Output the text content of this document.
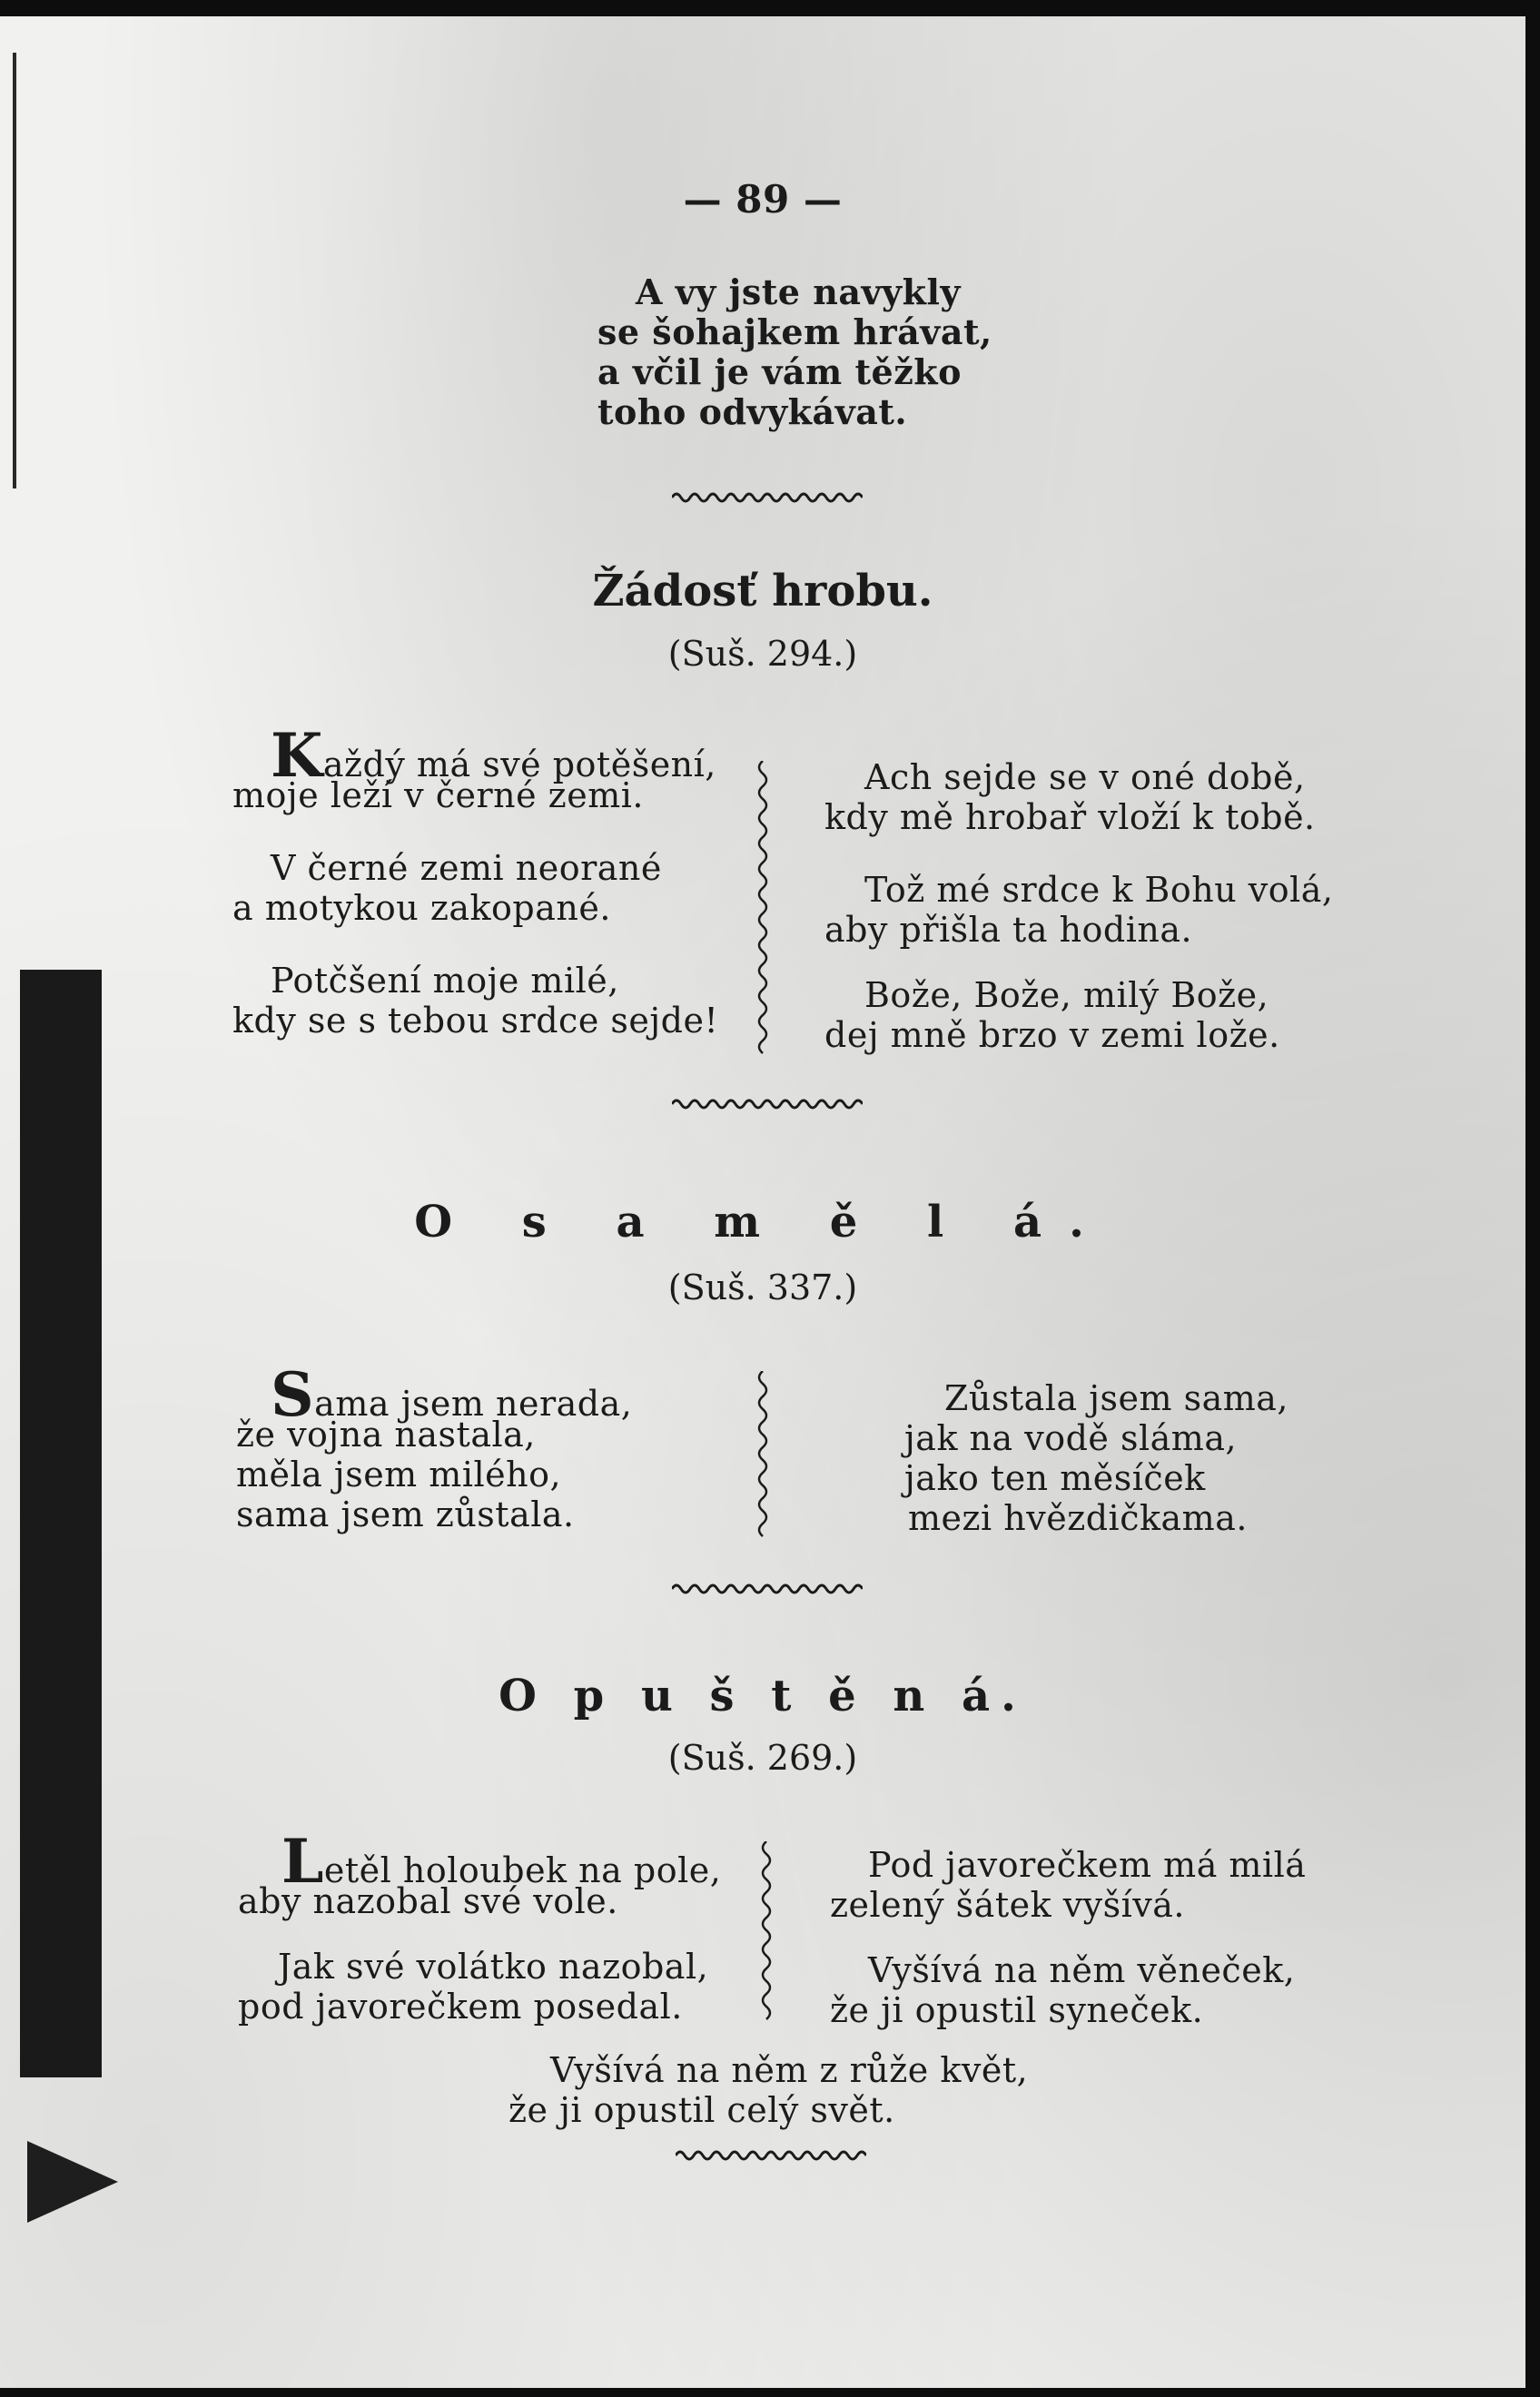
— 89 —
A vy jste navykly
se šohajkem hrávat,
a včil je vám těžko
toho odvykávat.
Žádosť hrobu.
(Suš. 294.)
Každý má své potěšení,
moje leží v černé zemi.
V černé zemi neorané
a motykou zakopané.
Potčšení moje milé,
kdy se s tebou srdce sejde!
Ach sejde se v oné době,
kdy mě hrobař vloží k tobě.
Tož mé srdce k Bohu volá,
aby přišla ta hodina.
Bože, Bože, milý Bože,
dej mně brzo v zemi lože.
O s a m ě l á.
(Suš. 337.)
Sama jsem nerada,
že vojna nastala,
měla jsem milého,
sama jsem zůstala.
Zůstala jsem sama,
jak na vodě sláma,
jako ten měsíček
mezi hvězdičkama.
O p u š t ě n á.
(Suš. 269.)
Letěl holoubek na pole,
aby nazobal své vole.
Jak své volátko nazobal,
pod javorečkem posedal.
Pod javorečkem má milá
zelený šátek vyšívá.
Vyšívá na něm věneček,
že ji opustil syneček.
Vyšívá na něm z růže květ,
že ji opustil celý svět.
